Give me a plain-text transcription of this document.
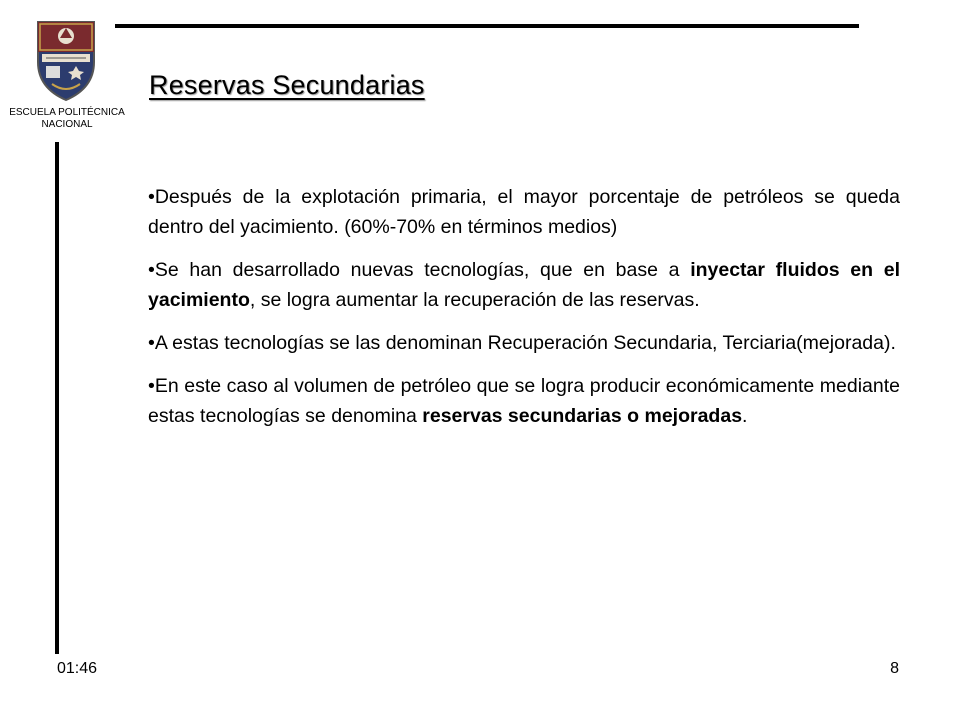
ESCUELA POLITÉCNICA
NACIONAL
Reservas Secundarias

•Después de la explotación primaria, el mayor porcentaje de petróleos se queda dentro del yacimiento. (60%-70% en términos medios)

•Se han desarrollado nuevas tecnologías, que en base a inyectar fluidos en el yacimiento, se logra aumentar la recuperación de las reservas.

•A estas tecnologías se las denominan Recuperación Secundaria, Terciaria(mejorada).

•En este caso al volumen de petróleo que se logra producir económicamente mediante estas tecnologías se denomina reservas secundarias o mejoradas.

01:46	8
